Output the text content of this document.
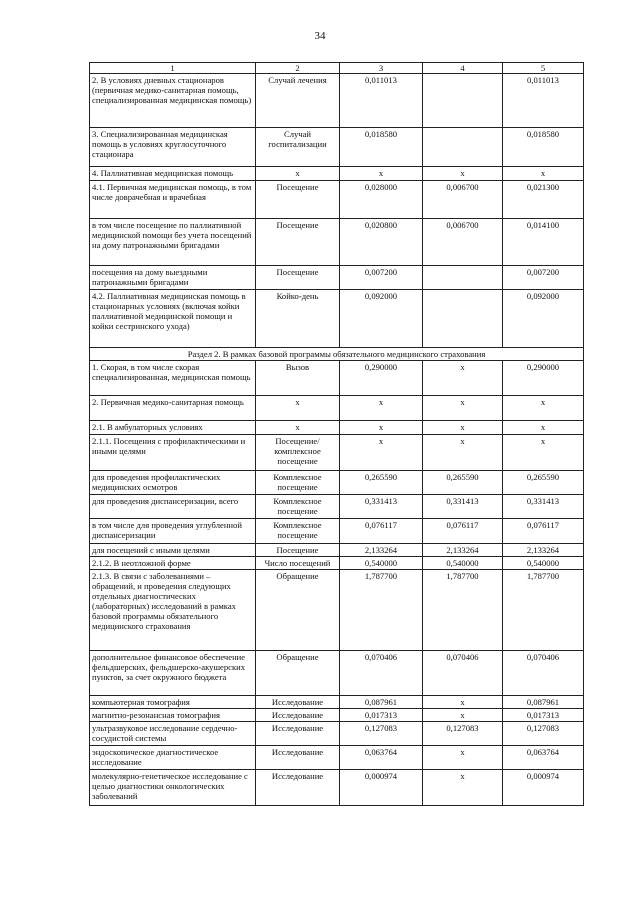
34
1	2	3	4	5
2. В условиях дневных стационаров (первичная медико-санитарная помощь, специализированная медицинская помощь)	Случай лечения	0,011013		0,011013
3. Специализированная медицинская помощь в условиях круглосуточного стационара	Случай госпитализации	0,018580		0,018580
4. Паллиативная медицинская помощь	х	х	х	х
4.1. Первичная медицинская помощь, в том числе доврачебная и врачебная	Посещение	0,028000	0,006700	0,021300
в том числе посещение по паллиативной медицинской помощи без учета посещений на дому патронажными бригадами	Посещение	0,020800	0,006700	0,014100
посещения на дому выездными патронажными бригадами	Посещение	0,007200		0,007200
4.2. Паллиативная медицинская помощь в стационарных условиях (включая койки паллиативной медицинской помощи и койки сестринского ухода)	Койко-день	0,092000		0,092000
Раздел 2. В рамках базовой программы обязательного медицинского страхования				
1. Скорая, в том числе скорая специализированная, медицинская помощь	Вызов	0,290000	х	0,290000
2. Первичная медико-санитарная помощь	х	х	х	х
2.1. В амбулаторных условиях	х	х	х	х
2.1.1. Посещения с профилактическими и иными целями	Посещение/ комплексное посещение	х	х	х
для проведения профилактических медицинских осмотров	Комплексное посещение	0,265590	0,265590	0,265590
для проведения диспансеризации, всего	Комплексное посещение	0,331413	0,331413	0,331413
в том числе для проведения углубленной диспансеризации	Комплексное посещение	0,076117	0,076117	0,076117
для посещений с иными целями	Посещение	2,133264	2,133264	2,133264
2.1.2. В неотложной форме	Число посещений	0,540000	0,540000	0,540000
2.1.3. В связи с заболеваниями – обращений, и проведения следующих отдельных диагностических (лабораторных) исследований в рамках базовой программы обязательного медицинского страхования	Обращение	1,787700	1,787700	1,787700
дополнительное финансовое обеспечение фельдшерских, фельдшерско-акушерских пунктов, за счет окружного бюджета	Обращение	0,070406	0,070406	0,070406
компьютерная томография	Исследование	0,087961	х	0,087961
магнитно-резонансная томография	Исследование	0,017313	х	0,017313
ультразвуковое исследование сердечно-сосудистой системы	Исследование	0,127083	0,127083	0,127083
эндоскопическое диагностическое исследование	Исследование	0,063764	х	0,063764
молекулярно-генетическое исследование с целью диагностики онкологических заболеваний	Исследование	0,000974	х	0,000974
